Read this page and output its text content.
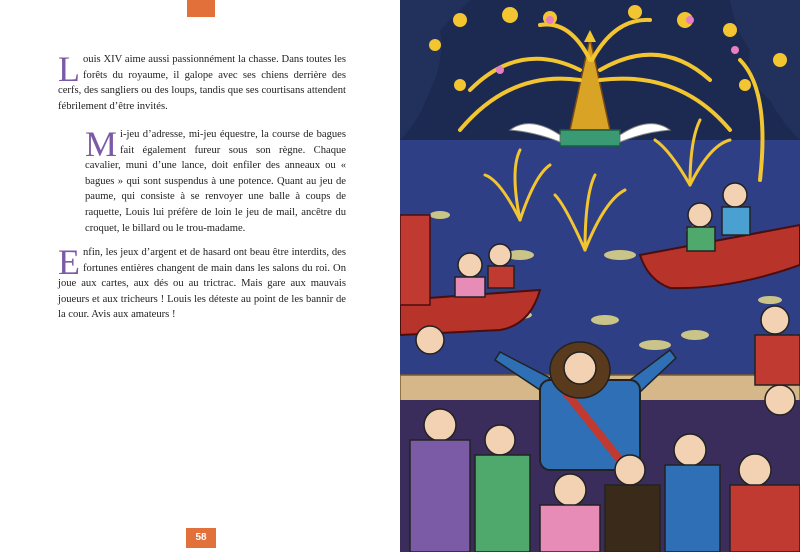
L ouis XIV aime aussi passionnément la chasse. Dans toutes les forêts du royaume, il galope avec ses chiens derrière des cerfs, des sangliers ou des loups, tandis que ses courtisans attendent fébrilement d’être invités.

M i-jeu d’adresse, mi-jeu équestre, la course de bagues fait également fureur sous son règne. Chaque cavalier, muni d’une lance, doit enfiler des anneaux ou « bagues » qui sont suspendus à une potence. Quant au jeu de paume, qui consiste à se renvoyer une balle à coups de raquette, Louis lui préfère de loin le jeu de mail, ancêtre du croquet, le billard ou le trou-madame.

E nfin, les jeux d’argent et de hasard ont beau être interdits, des fortunes entières changent de main dans les salons du roi. On joue aux cartes, aux dés ou au trictrac. Mais gare aux mauvais joueurs et aux tricheurs ! Louis les déteste au point de les bannir de la cour. Avis aux amateurs !

58
